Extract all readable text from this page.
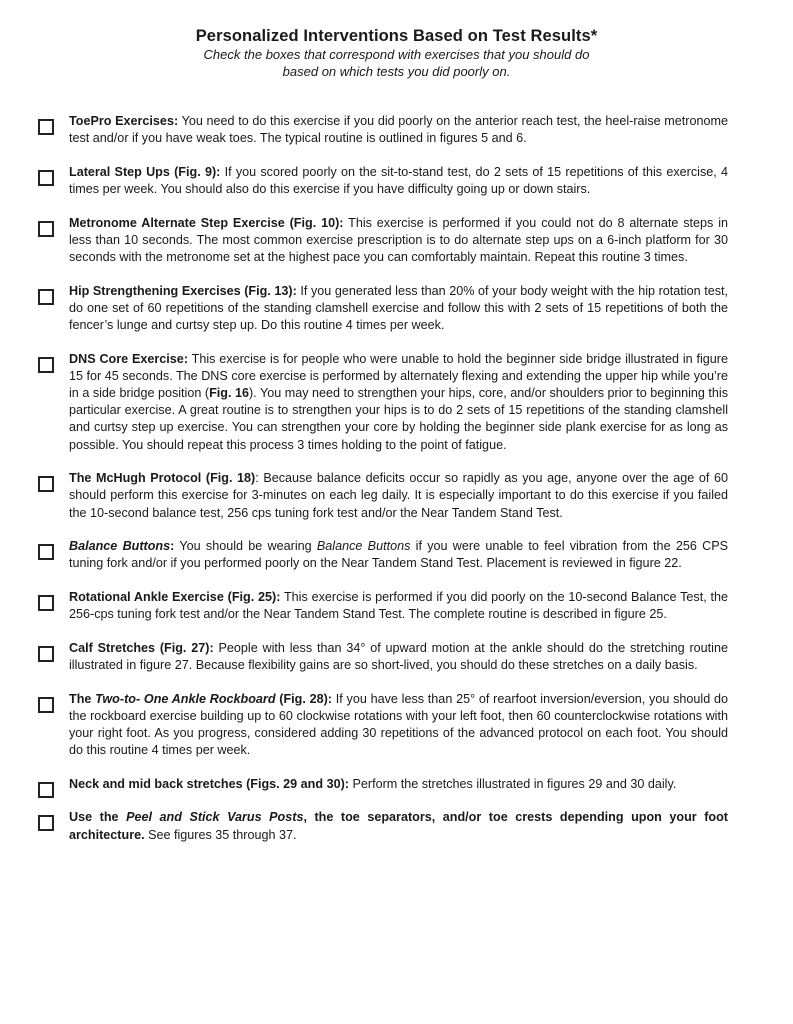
Personalized Interventions Based on Test Results*
Check the boxes that correspond with exercises that you should do
based on which tests you did poorly on.
ToePro Exercises: You need to do this exercise if you did poorly on the anterior reach test, the heel-raise metronome test and/or if you have weak toes. The typical routine is outlined in figures 5 and 6.
Lateral Step Ups (Fig. 9): If you scored poorly on the sit-to-stand test, do 2 sets of 15 repetitions of this exercise, 4 times per week. You should also do this exercise if you have difficulty going up or down stairs.
Metronome Alternate Step Exercise (Fig. 10): This exercise is performed if you could not do 8 alternate steps in less than 10 seconds. The most common exercise prescription is to do alternate step ups on a 6-inch platform for 30 seconds with the metronome set at the highest pace you can comfortably maintain. Repeat this routine 3 times.
Hip Strengthening Exercises (Fig. 13): If you generated less than 20% of your body weight with the hip rotation test, do one set of 60 repetitions of the standing clamshell exercise and follow this with 2 sets of 15 repetitions of both the fencer’s lunge and curtsy step up. Do this routine 4 times per week.
DNS Core Exercise: This exercise is for people who were unable to hold the beginner side bridge illustrated in figure 15 for 45 seconds. The DNS core exercise is performed by alternately flexing and extending the upper hip while you’re in a side bridge position (Fig. 16). You may need to strengthen your hips, core, and/or shoulders prior to beginning this particular exercise. A great routine is to strengthen your hips is to do 2 sets of 15 repetitions of the standing clamshell and curtsy step up exercise. You can strengthen your core by holding the beginner side plank exercise for as long as possible. You should repeat this process 3 times holding to the point of fatigue.
The McHugh Protocol (Fig. 18): Because balance deficits occur so rapidly as you age, anyone over the age of 60 should perform this exercise for 3-minutes on each leg daily. It is especially important to do this exercise if you failed the 10-second balance test, 256 cps tuning fork test and/or the Near Tandem Stand Test.
Balance Buttons: You should be wearing Balance Buttons if you were unable to feel vibration from the 256 CPS tuning fork and/or if you performed poorly on the Near Tandem Stand Test. Placement is reviewed in figure 22.
Rotational Ankle Exercise (Fig. 25): This exercise is performed if you did poorly on the 10-second Balance Test, the 256-cps tuning fork test and/or the Near Tandem Stand Test. The complete routine is described in figure 25.
Calf Stretches (Fig. 27): People with less than 34° of upward motion at the ankle should do the stretching routine illustrated in figure 27. Because flexibility gains are so short-lived, you should do these stretches on a daily basis.
The Two-to- One Ankle Rockboard (Fig. 28): If you have less than 25° of rearfoot inversion/eversion, you should do the rockboard exercise building up to 60 clockwise rotations with your left foot, then 60 counterclockwise rotations with your right foot. As you progress, considered adding 30 repetitions of the advanced protocol on each foot. You should do this routine 4 times per week.
Neck and mid back stretches (Figs. 29 and 30): Perform the stretches illustrated in figures 29 and 30 daily.
Use the Peel and Stick Varus Posts, the toe separators, and/or toe crests depending upon your foot architecture. See figures 35 through 37.
